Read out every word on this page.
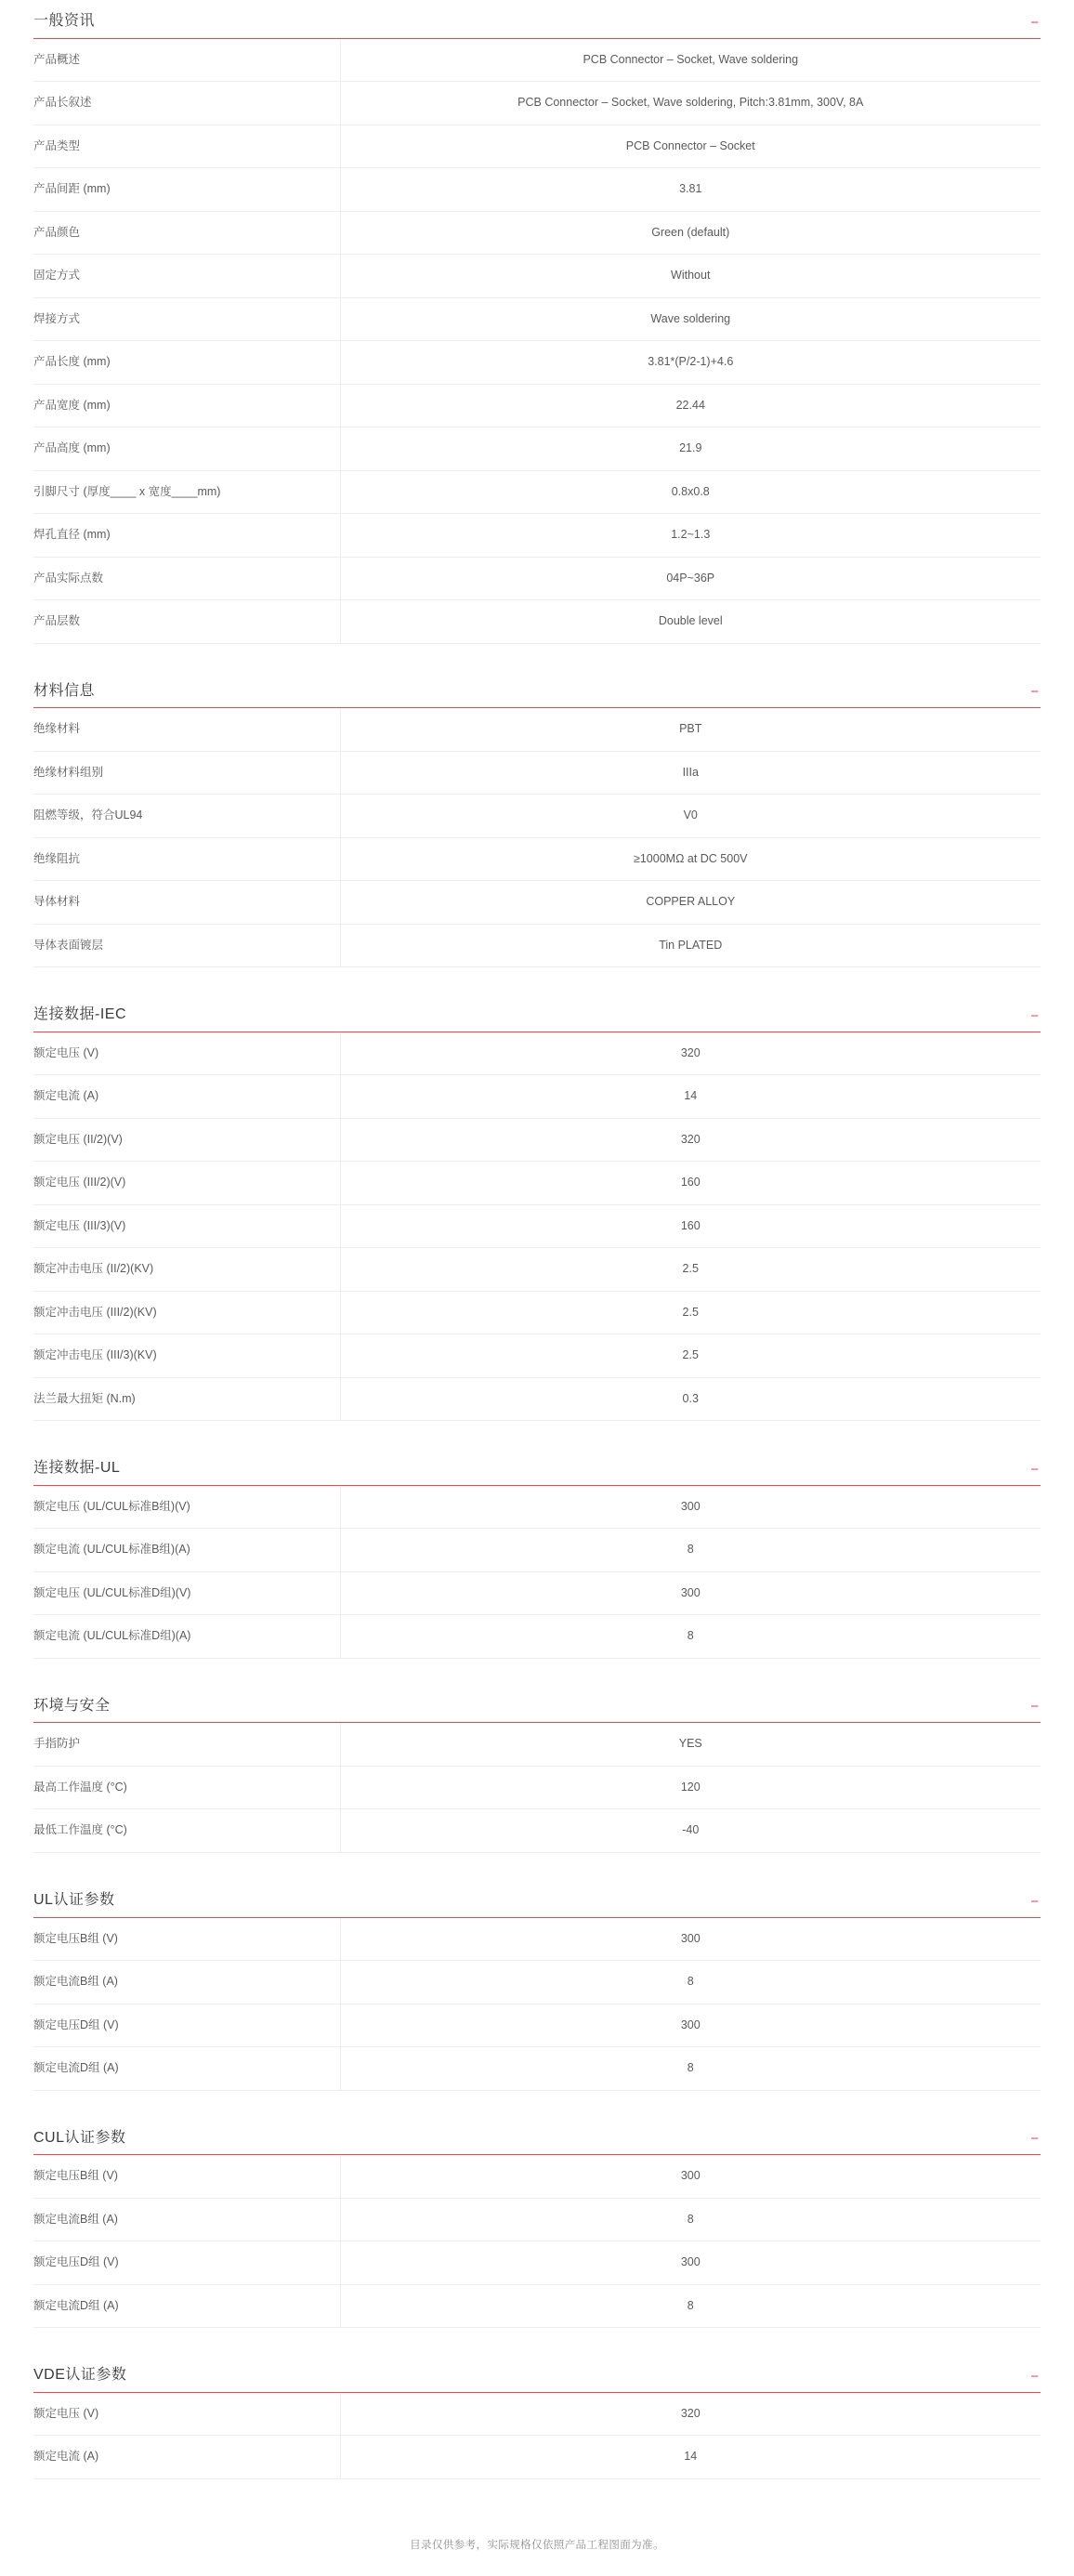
一般资讯	−
产品概述	PCB Connector – Socket, Wave soldering
产品长叙述	PCB Connector – Socket, Wave soldering, Pitch:3.81mm, 300V, 8A
产品类型	PCB Connector – Socket
产品间距 (mm)	3.81
产品颜色	Green (default)
固定方式	Without
焊接方式	Wave soldering
产品长度 (mm)	3.81*(P/2-1)+4.6
产品宽度 (mm)	22.44
产品高度 (mm)	21.9
引脚尺寸 (厚度____ x 宽度____mm)	0.8x0.8
焊孔直径 (mm)	1.2~1.3
产品实际点数	04P~36P
产品层数	Double level
材料信息	−
绝缘材料	PBT
绝缘材料组别	IIIa
阻燃等级，符合UL94	V0
绝缘阻抗	≥1000MΩ at DC 500V
导体材料	COPPER ALLOY
导体表面镀层	Tin PLATED
连接数据-IEC	−
额定电压 (V)	320
额定电流 (A)	14
额定电压 (II/2)(V)	320
额定电压 (III/2)(V)	160
额定电压 (III/3)(V)	160
额定冲击电压 (II/2)(KV)	2.5
额定冲击电压 (III/2)(KV)	2.5
额定冲击电压 (III/3)(KV)	2.5
法兰最大扭矩 (N.m)	0.3
连接数据-UL	−
额定电压 (UL/CUL标准B组)(V)	300
额定电流 (UL/CUL标准B组)(A)	8
额定电压 (UL/CUL标准D组)(V)	300
额定电流 (UL/CUL标准D组)(A)	8
环境与安全	−
手指防护	YES
最高工作温度 (°C)	120
最低工作温度 (°C)	-40
UL认证参数	−
额定电压B组 (V)	300
额定电流B组 (A)	8
额定电压D组 (V)	300
额定电流D组 (A)	8
CUL认证参数	−
额定电压B组 (V)	300
额定电流B组 (A)	8
额定电压D组 (V)	300
额定电流D组 (A)	8
VDE认证参数	−
额定电压 (V)	320
额定电流 (A)	14
目录仅供参考，实际规格仅依照产品工程图面为准。
